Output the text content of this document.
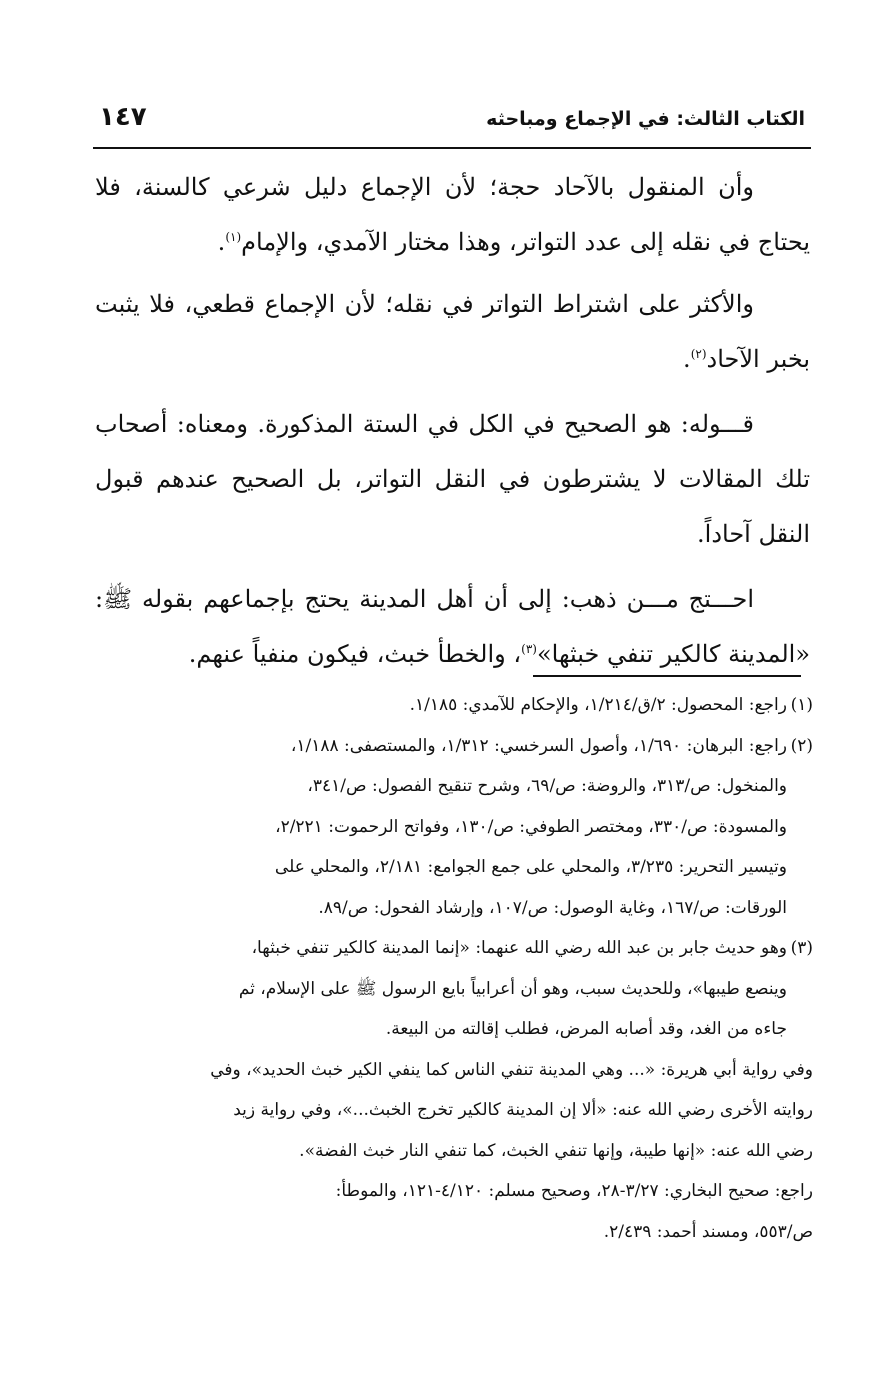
الكتاب الثالث: في الإجماع ومباحثه
١٤٧

وأن المنقول بالآحاد حجة؛ لأن الإجماع دليل شرعي كالسنة، فلا يحتاج في نقله إلى عدد التواتر، وهذا مختار الآمدي، والإمام$^{(١)}$.

والأكثر على اشتراط التواتر في نقله؛ لأن الإجماع قطعي، فلا يثبت بخبر الآحاد$^{(٢)}$.

قـــوله: هو الصحيح في الكل في الستة المذكورة. ومعناه: أصحاب تلك المقالات لا يشترطون في النقل التواتر، بل الصحيح عندهم قبول النقل آحاداً.

احـــتج مـــن ذهب: إلى أن أهل المدينة يحتج بإجماعهم بقوله ﷺ: «المدينة كالكير تنفي خبثها»$^{(٣)}$، والخطأ خبث، فيكون منفياً عنهم.

(١)
راجع: المحصول: ٢/ق/١/٢١٤، والإحكام للآمدي: ١/١٨٥.
(٢)
راجع: البرهان: ١/٦٩٠، وأصول السرخسي: ١/٣١٢، والمستصفى: ١/١٨٨،
والمنخول: ص/٣١٣، والروضة: ص/٦٩، وشرح تنقيح الفصول: ص/٣٤١،
والمسودة: ص/٣٣٠، ومختصر الطوفي: ص/١٣٠، وفواتح الرحموت: ٢/٢٢١،
وتيسير التحرير: ٣/٢٣٥، والمحلي على جمع الجوامع: ٢/١٨١، والمحلي على
الورقات: ص/١٦٧، وغاية الوصول: ص/١٠٧، وإرشاد الفحول: ص/٨٩.
(٣)
وهو حديث جابر بن عبد الله رضي الله عنهما: «إنما المدينة كالكير تنفي خبثها،
وينصع طيبها»، وللحديث سبب، وهو أن أعرابياً بايع الرسول ﷺ على الإسلام، ثم
جاءه من الغد، وقد أصابه المرض، فطلب إقالته من البيعة.
وفي رواية أبي هريرة: «... وهي المدينة تنفي الناس كما ينفي الكير خبث الحديد»، وفي
روايته الأخرى رضي الله عنه: «ألا إن المدينة كالكير تخرج الخبث...»، وفي رواية زيد
رضي الله عنه: «إنها طيبة، وإنها تنفي الخبث، كما تنفي النار خبث الفضة».
راجع: صحيح البخاري: ٣/٢٧-٢٨، وصحيح مسلم: ٤/١٢٠-١٢١، والموطأ:
ص/٥٥٣، ومسند أحمد: ٢/٤٣٩.
